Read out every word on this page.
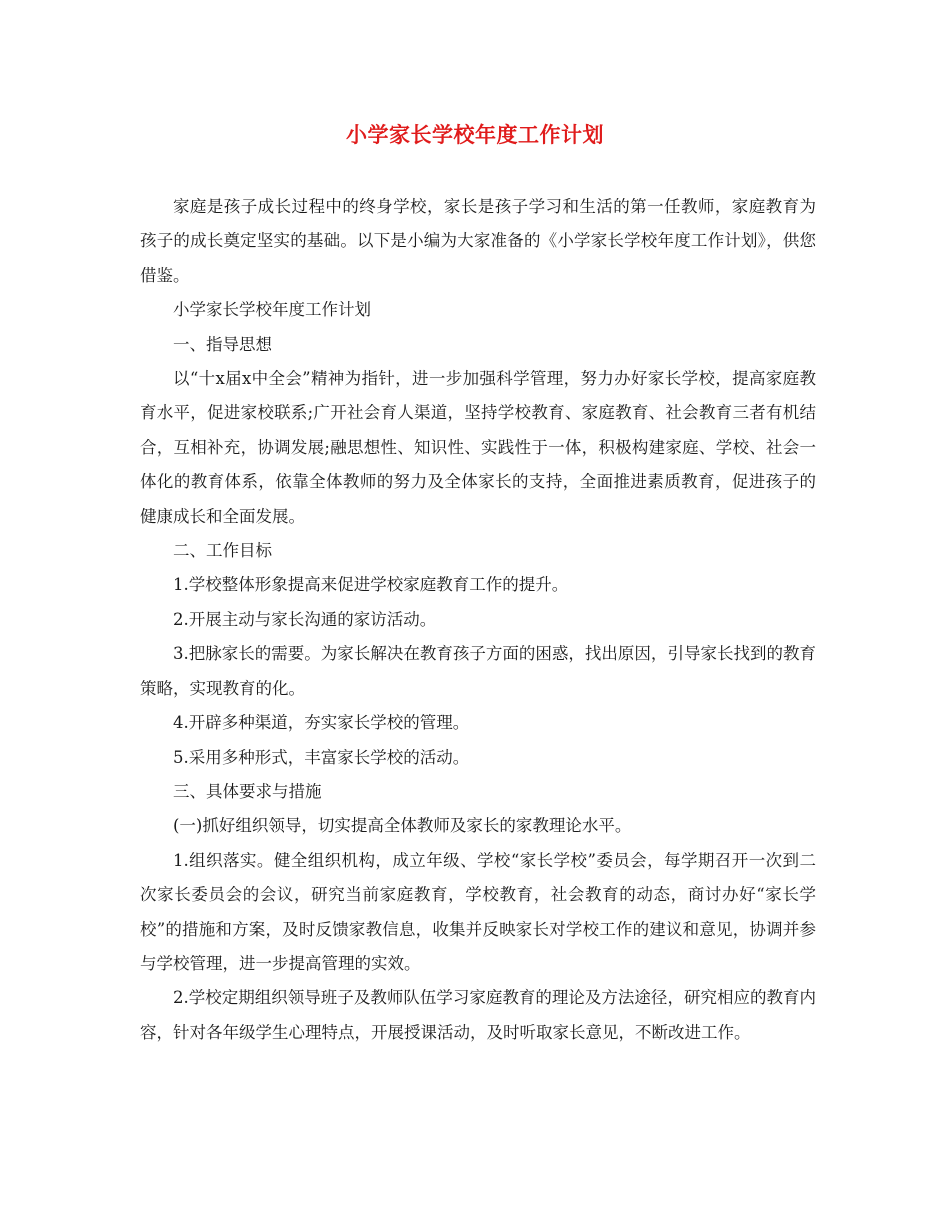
小学家长学校年度工作计划

家庭是孩子成长过程中的终身学校，家长是孩子学习和生活的第一任教师，家庭教育为孩子的成长奠定坚实的基础。以下是小编为大家准备的《小学家长学校年度工作计划》，供您借鉴。

小学家长学校年度工作计划

一、指导思想

以“十x届x中全会”精神为指针，进一步加强科学管理，努力办好家长学校，提高家庭教育水平，促进家校联系;广开社会育人渠道，坚持学校教育、家庭教育、社会教育三者有机结合，互相补充，协调发展;融思想性、知识性、实践性于一体，积极构建家庭、学校、社会一体化的教育体系，依靠全体教师的努力及全体家长的支持，全面推进素质教育，促进孩子的健康成长和全面发展。

二、工作目标

1.学校整体形象提高来促进学校家庭教育工作的提升。

2.开展主动与家长沟通的家访活动。

3.把脉家长的需要。为家长解决在教育孩子方面的困惑，找出原因，引导家长找到的教育策略，实现教育的化。

4.开辟多种渠道，夯实家长学校的管理。

5.采用多种形式，丰富家长学校的活动。

三、具体要求与措施

(一)抓好组织领导，切实提高全体教师及家长的家教理论水平。

1.组织落实。健全组织机构，成立年级、学校“家长学校”委员会，每学期召开一次到二次家长委员会的会议，研究当前家庭教育，学校教育，社会教育的动态，商讨办好“家长学校”的措施和方案，及时反馈家教信息，收集并反映家长对学校工作的建议和意见，协调并参与学校管理，进一步提高管理的实效。

2.学校定期组织领导班子及教师队伍学习家庭教育的理论及方法途径，研究相应的教育内容，针对各年级学生心理特点，开展授课活动，及时听取家长意见，不断改进工作。
